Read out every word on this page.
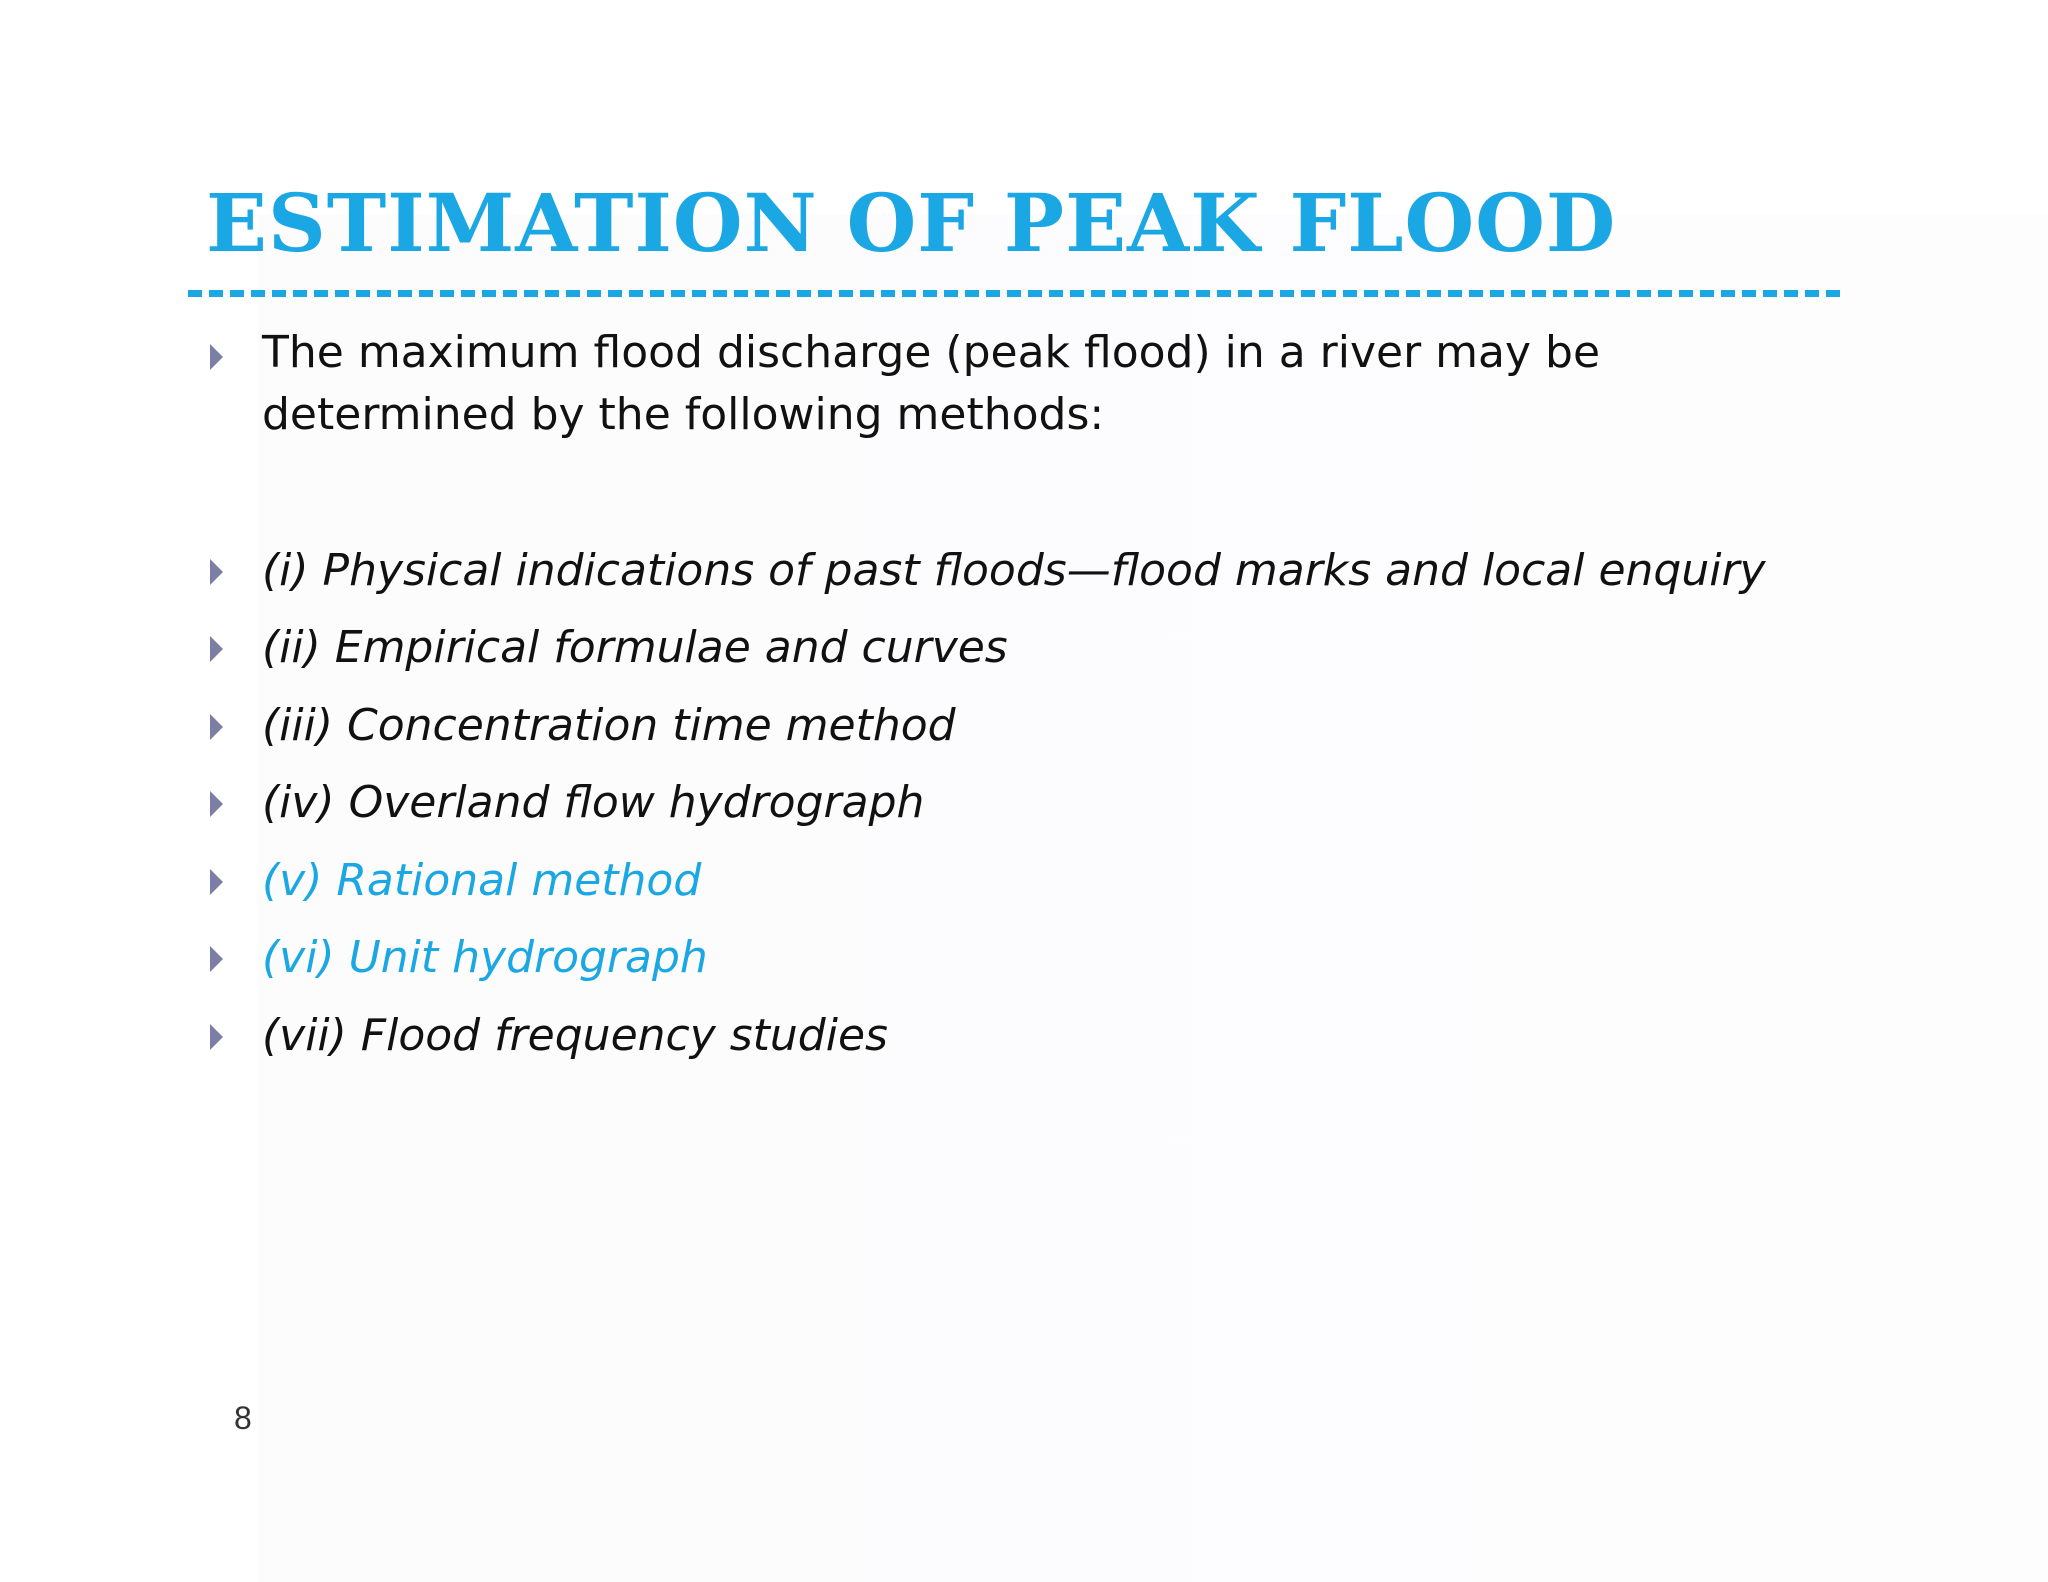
ESTIMATION OF PEAK FLOOD
The maximum flood discharge (peak flood) in a river may be determined by the following methods:
(i) Physical indications of past floods—flood marks and local enquiry
(ii) Empirical formulae and curves
(iii) Concentration time method
(iv) Overland flow hydrograph
(v) Rational method
(vi) Unit hydrograph
(vii) Flood frequency studies
8
